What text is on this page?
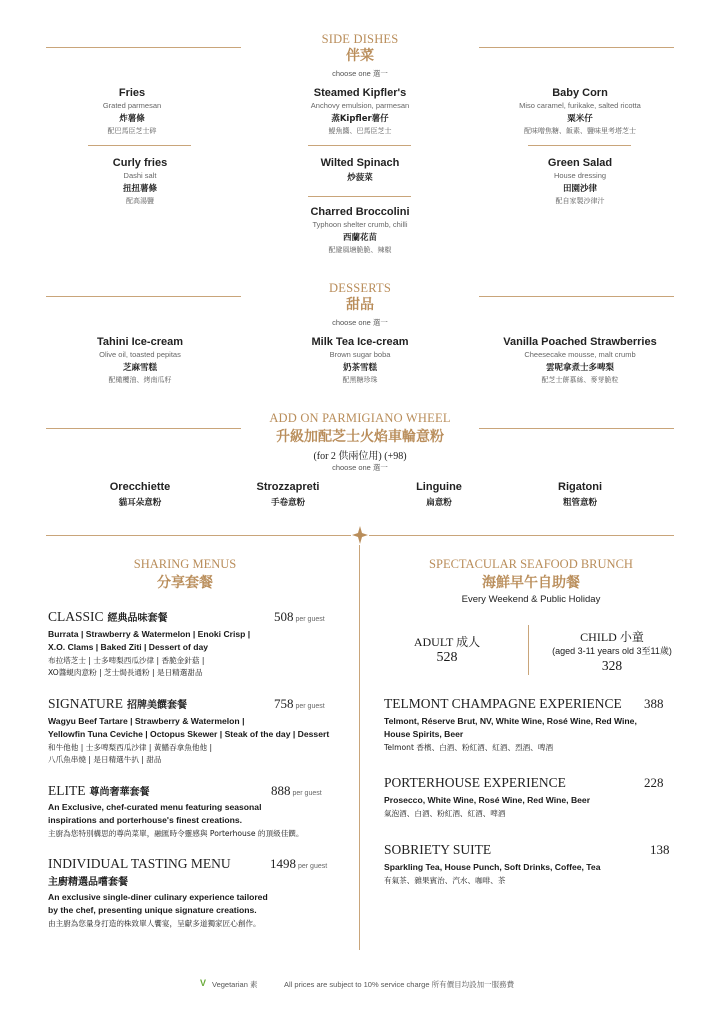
SIDE DISHES
伴菜
choose one 選一
Fries
Grated parmesan
炸薯條
配巴馬臣芝士碎
Steamed Kipfler's
Anchovy emulsion, parmesan
蒸Kipfler薯仔
鯷魚醬、巴馬臣芝士
Baby Corn
Miso caramel, furikake, salted ricotta
粟米仔
配味噌焦糖、飯素、鹽味里考塔芝士
Curly fries
Dashi salt
扭扭薯條
配高湯鹽
Wilted Spinach
炒菠菜
Green Salad
House dressing
田園沙律
配自家製沙律汁
Charred Broccolini
Typhoon shelter crumb, chilli
西蘭花苗
配避風塘脆脆、辣椒
DESSERTS
甜品
choose one 選一
Tahini Ice-cream
Olive oil, toasted pepitas
芝麻雪糕
配橄欖油、烤南瓜籽
Milk Tea Ice-cream
Brown sugar boba
奶茶雪糕
配黑糖珍珠
Vanilla Poached Strawberries
Cheesecake mousse, malt crumb
雲呢拿煮士多啤梨
配芝士餅慕絲、麥芽脆粒
ADD ON PARMIGIANO WHEEL
升級加配芝士火焰車輪意粉
(for 2 供兩位用) (+98)
choose one 選一
Orecchiette
貓耳朵意粉
Strozzapreti
手卷意粉
Linguine
扁意粉
Rigatoni
粗管意粉
SHARING MENUS
分享套餐
CLASSIC 經典品味套餐	508 per guest
Burrata | Strawberry & Watermelon | Enoki Crisp |
X.O. Clams | Baked Ziti | Dessert of day
布拉塔芝士 | 士多啤梨西瓜沙律 | 香脆金針菇 |
XO醬蜆肉意粉 | 芝士焗長通粉 | 是日精選甜品
SIGNATURE 招牌美饌套餐	758 per guest
Wagyu Beef Tartare | Strawberry & Watermelon |
Yellowfin Tuna Ceviche | Octopus Skewer | Steak of the day | Dessert
和牛他他 | 士多啤梨西瓜沙律 | 黃鰭吞拿魚他他 |
八爪魚串燒 | 是日精選牛扒 | 甜品
ELITE 尊尚奢華套餐	888 per guest
An Exclusive, chef-curated menu featuring seasonal
inspirations and porterhouse's finest creations.
主廚為您特別構思的尊尚菜單，融匯時令靈感與 Porterhouse 的頂級佳饌。
INDIVIDUAL TASTING MENU	1498 per guest
主廚精選品嚐套餐
An exclusive single-diner culinary experience tailored
by the chef, presenting unique signature creations.
由主廚為您量身打造的株致單人饗宴，呈獻多道獨家匠心創作。
SPECTACULAR SEAFOOD BRUNCH
海鮮早午自助餐
Every Weekend & Public Holiday
ADULT 成人
528
CHILD 小童
(aged 3-11 years old 3至11歲)
328
TELMONT CHAMPAGNE EXPERIENCE 388
Telmont, Réserve Brut, NV, White Wine, Rosé Wine, Red Wine,
House Spirits, Beer
Telmont 香檳、白酒、粉紅酒、紅酒、烈酒、啤酒
PORTERHOUSE EXPERIENCE	228
Prosecco, White Wine, Rosé Wine, Red Wine, Beer
氣泡酒、白酒、粉紅酒、紅酒、啤酒
SOBRIETY SUITE	138
Sparkling Tea, House Punch, Soft Drinks, Coffee, Tea
有氣茶、雜果賓治、汽水、咖啡、茶
V Vegetarian 素	All prices are subject to 10% service charge 所有價目均設加一服務費
